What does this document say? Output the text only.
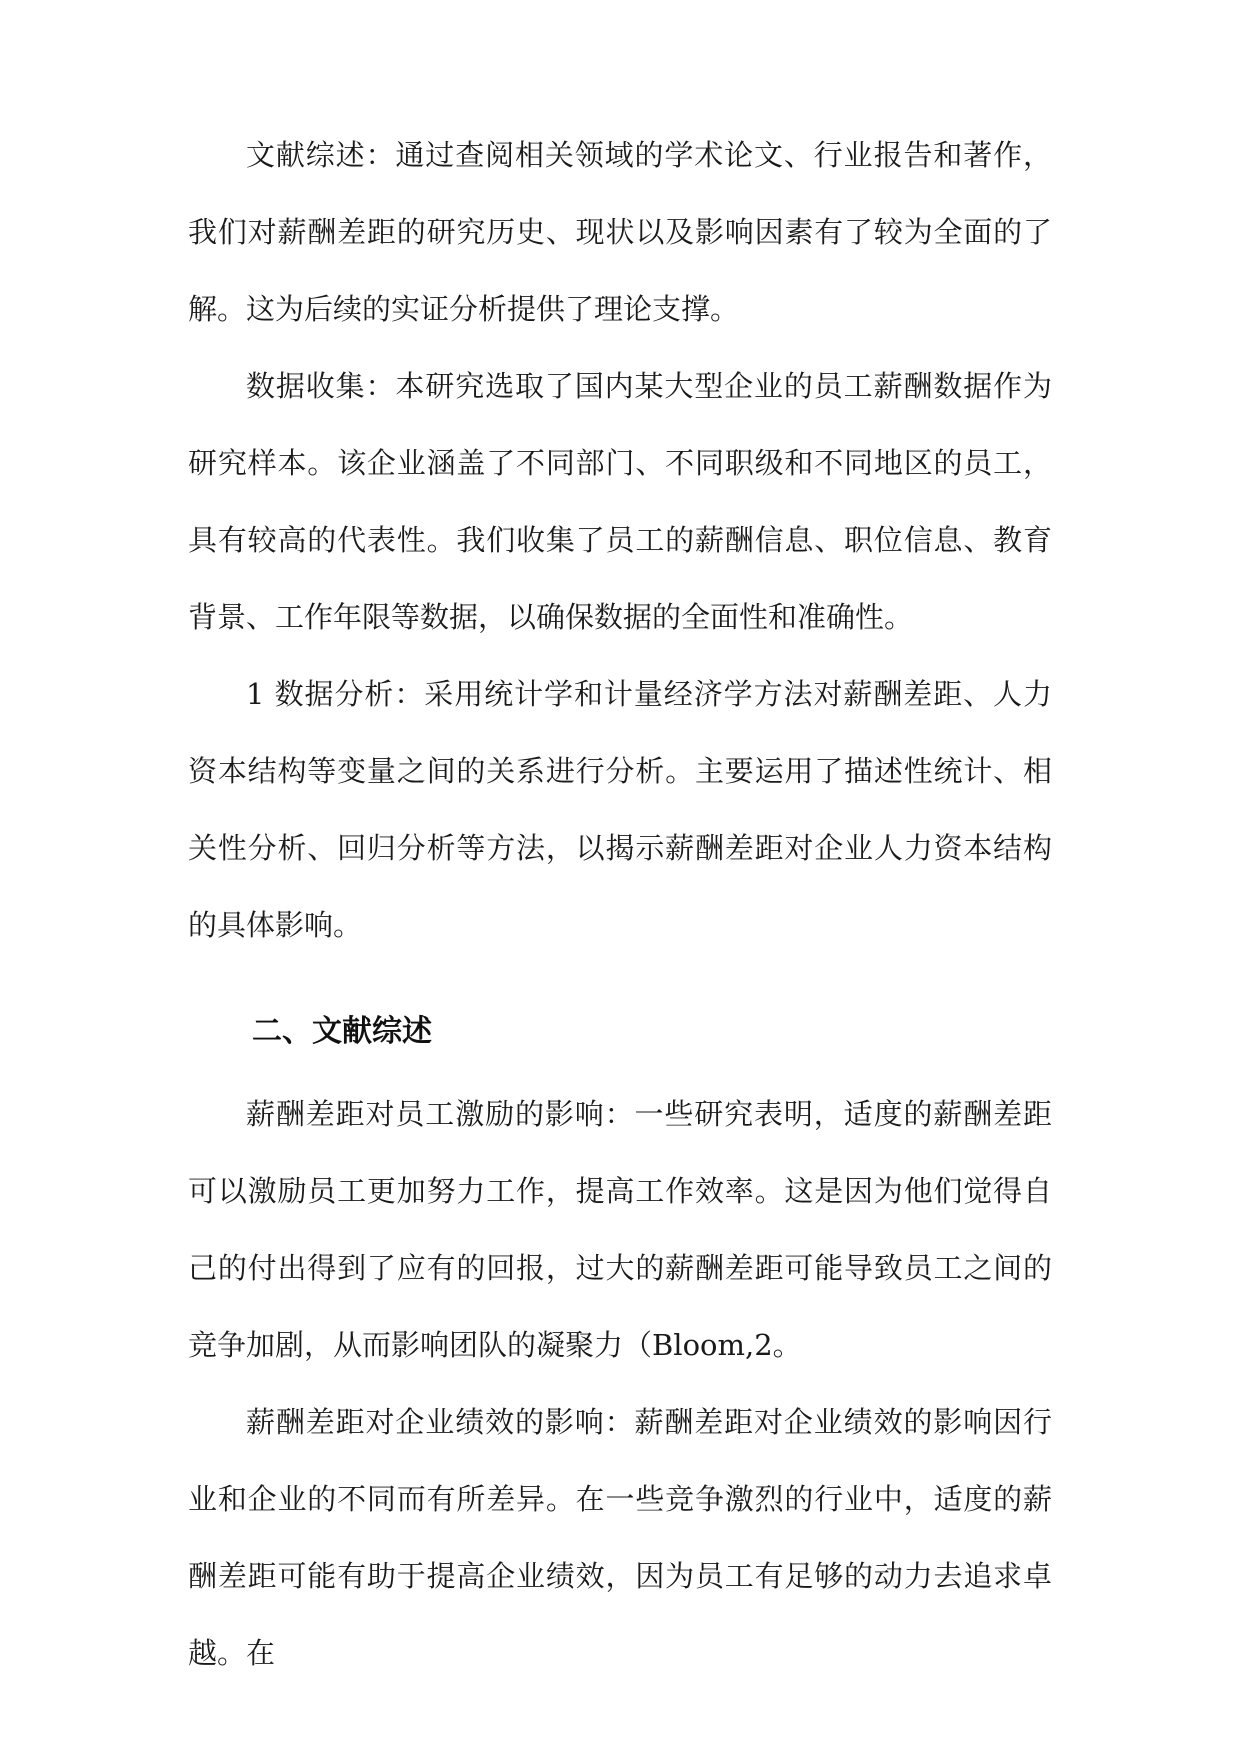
文献综述：通过查阅相关领域的学术论文、行业报告和著作，我们对薪酬差距的研究历史、现状以及影响因素有了较为全面的了解。这为后续的实证分析提供了理论支撑。

数据收集：本研究选取了国内某大型企业的员工薪酬数据作为研究样本。该企业涵盖了不同部门、不同职级和不同地区的员工，具有较高的代表性。我们收集了员工的薪酬信息、职位信息、教育背景、工作年限等数据，以确保数据的全面性和准确性。

1 数据分析：采用统计学和计量经济学方法对薪酬差距、人力资本结构等变量之间的关系进行分析。主要运用了描述性统计、相关性分析、回归分析等方法，以揭示薪酬差距对企业人力资本结构的具体影响。

二、文献综述

薪酬差距对员工激励的影响：一些研究表明，适度的薪酬差距可以激励员工更加努力工作，提高工作效率。这是因为他们觉得自己的付出得到了应有的回报，过大的薪酬差距可能导致员工之间的竞争加剧，从而影响团队的凝聚力（Bloom,2。

薪酬差距对企业绩效的影响：薪酬差距对企业绩效的影响因行业和企业的不同而有所差异。在一些竞争激烈的行业中，适度的薪酬差距可能有助于提高企业绩效，因为员工有足够的动力去追求卓越。在
